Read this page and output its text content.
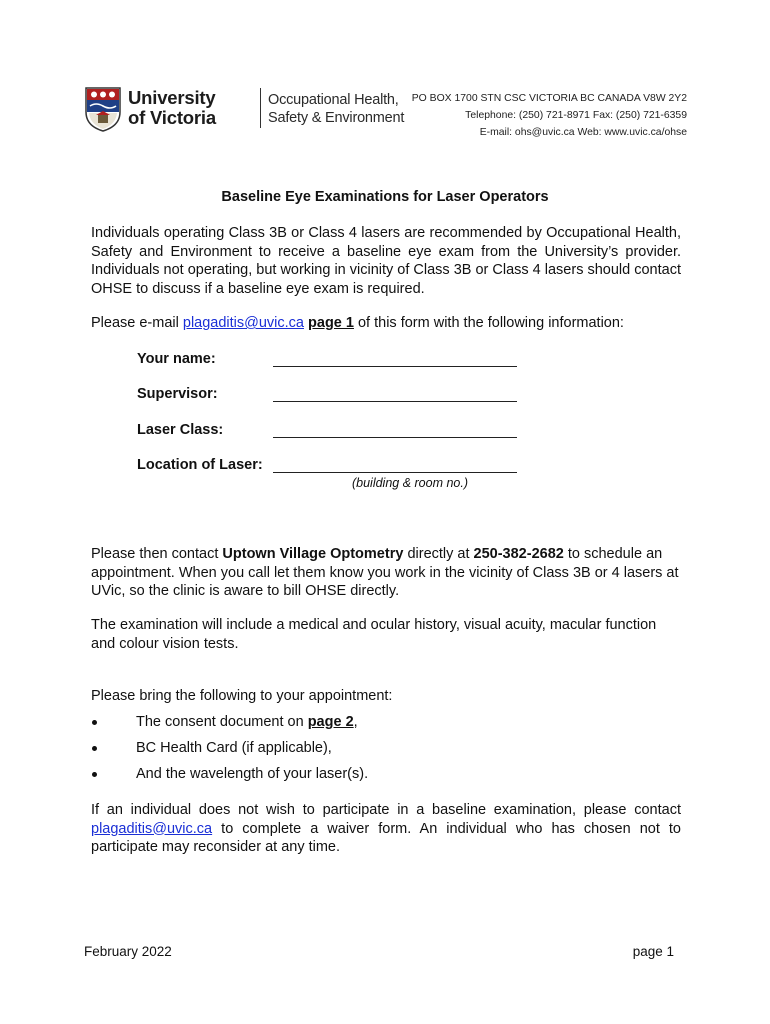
University
of Victoria
Occupational Health,
Safety & Environment
PO BOX 1700 STN CSC VICTORIA BC CANADA V8W 2Y2
Telephone: (250) 721-8971 Fax: (250) 721-6359
E-mail: ohs@uvic.ca Web: www.uvic.ca/ohse
Baseline Eye Examinations for Laser Operators
Individuals operating Class 3B or Class 4 lasers are recommended by Occupational Health, Safety and Environment to receive a baseline eye exam from the University’s provider. Individuals not operating, but working in vicinity of Class 3B or Class 4 lasers should contact OHSE to discuss if a baseline eye exam is required.
Please e-mail plagaditis@uvic.ca page 1 of this form with the following information:
Your name:
Supervisor:
Laser Class:
Location of Laser:
(building & room no.)
Please then contact Uptown Village Optometry directly at 250-382-2682 to schedule an appointment. When you call let them know you work in the vicinity of Class 3B or 4 lasers at UVic, so the clinic is aware to bill OHSE directly.
The examination will include a medical and ocular history, visual acuity, macular function and colour vision tests.
Please bring the following to your appointment:
The consent document on page 2,
BC Health Card (if applicable),
And the wavelength of your laser(s).
If an individual does not wish to participate in a baseline examination, please contact plagaditis@uvic.ca to complete a waiver form. An individual who has chosen not to participate may reconsider at any time.
February 2022	page 1
